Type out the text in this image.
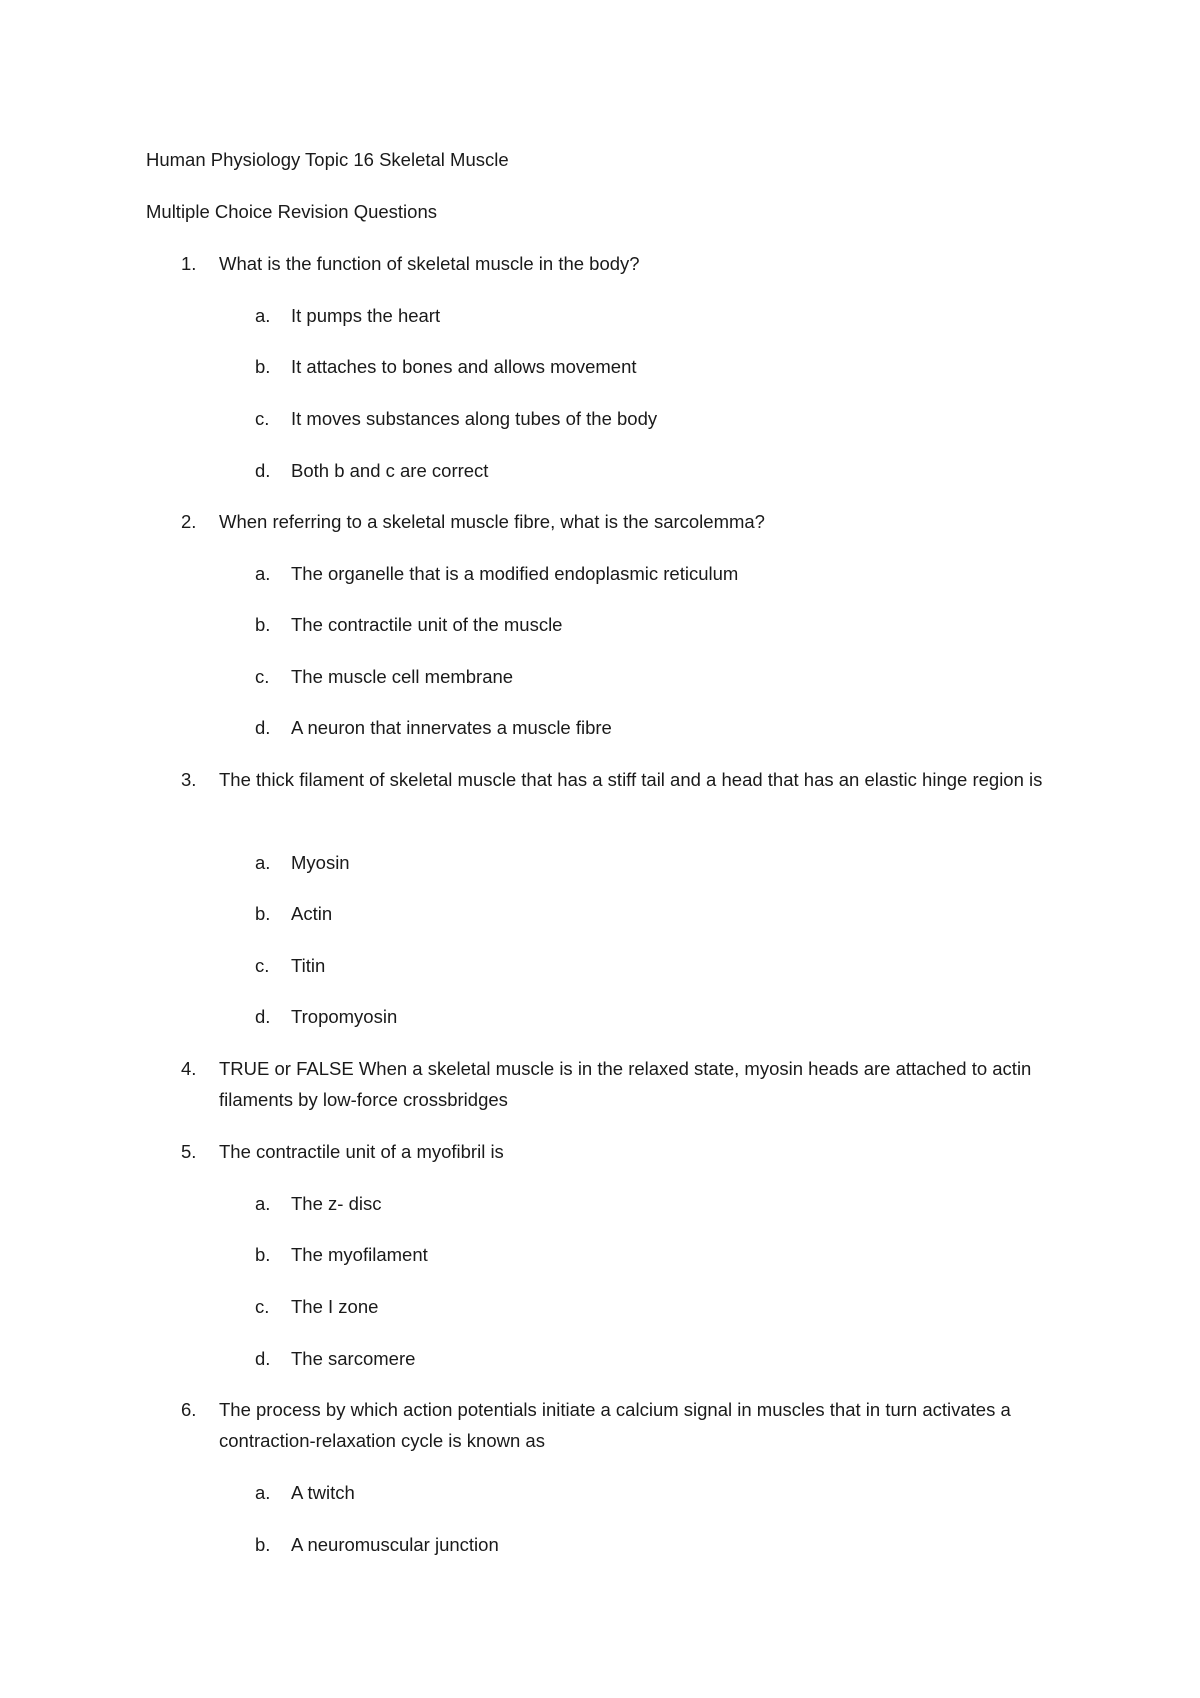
Human Physiology Topic 16 Skeletal Muscle
Multiple Choice Revision Questions
1. What is the function of skeletal muscle in the body?
a. It pumps the heart
b. It attaches to bones and allows movement
c. It moves substances along tubes of the body
d. Both b and c are correct
2. When referring to a skeletal muscle fibre, what is the sarcolemma?
a. The organelle that is a modified endoplasmic reticulum
b. The contractile unit of the muscle
c. The muscle cell membrane
d. A neuron that innervates a muscle fibre
3. The thick filament of skeletal muscle that has a stiff tail and a head that has an elastic hinge region is
a. Myosin
b. Actin
c. Titin
d. Tropomyosin
4. TRUE or FALSE When a skeletal muscle is in the relaxed state, myosin heads are attached to actin filaments by low-force crossbridges
5. The contractile unit of a myofibril is
a. The z- disc
b. The myofilament
c. The I zone
d. The sarcomere
6. The process by which action potentials initiate a calcium signal in muscles that in turn activates a contraction-relaxation cycle is known as
a. A twitch
b. A neuromuscular junction
